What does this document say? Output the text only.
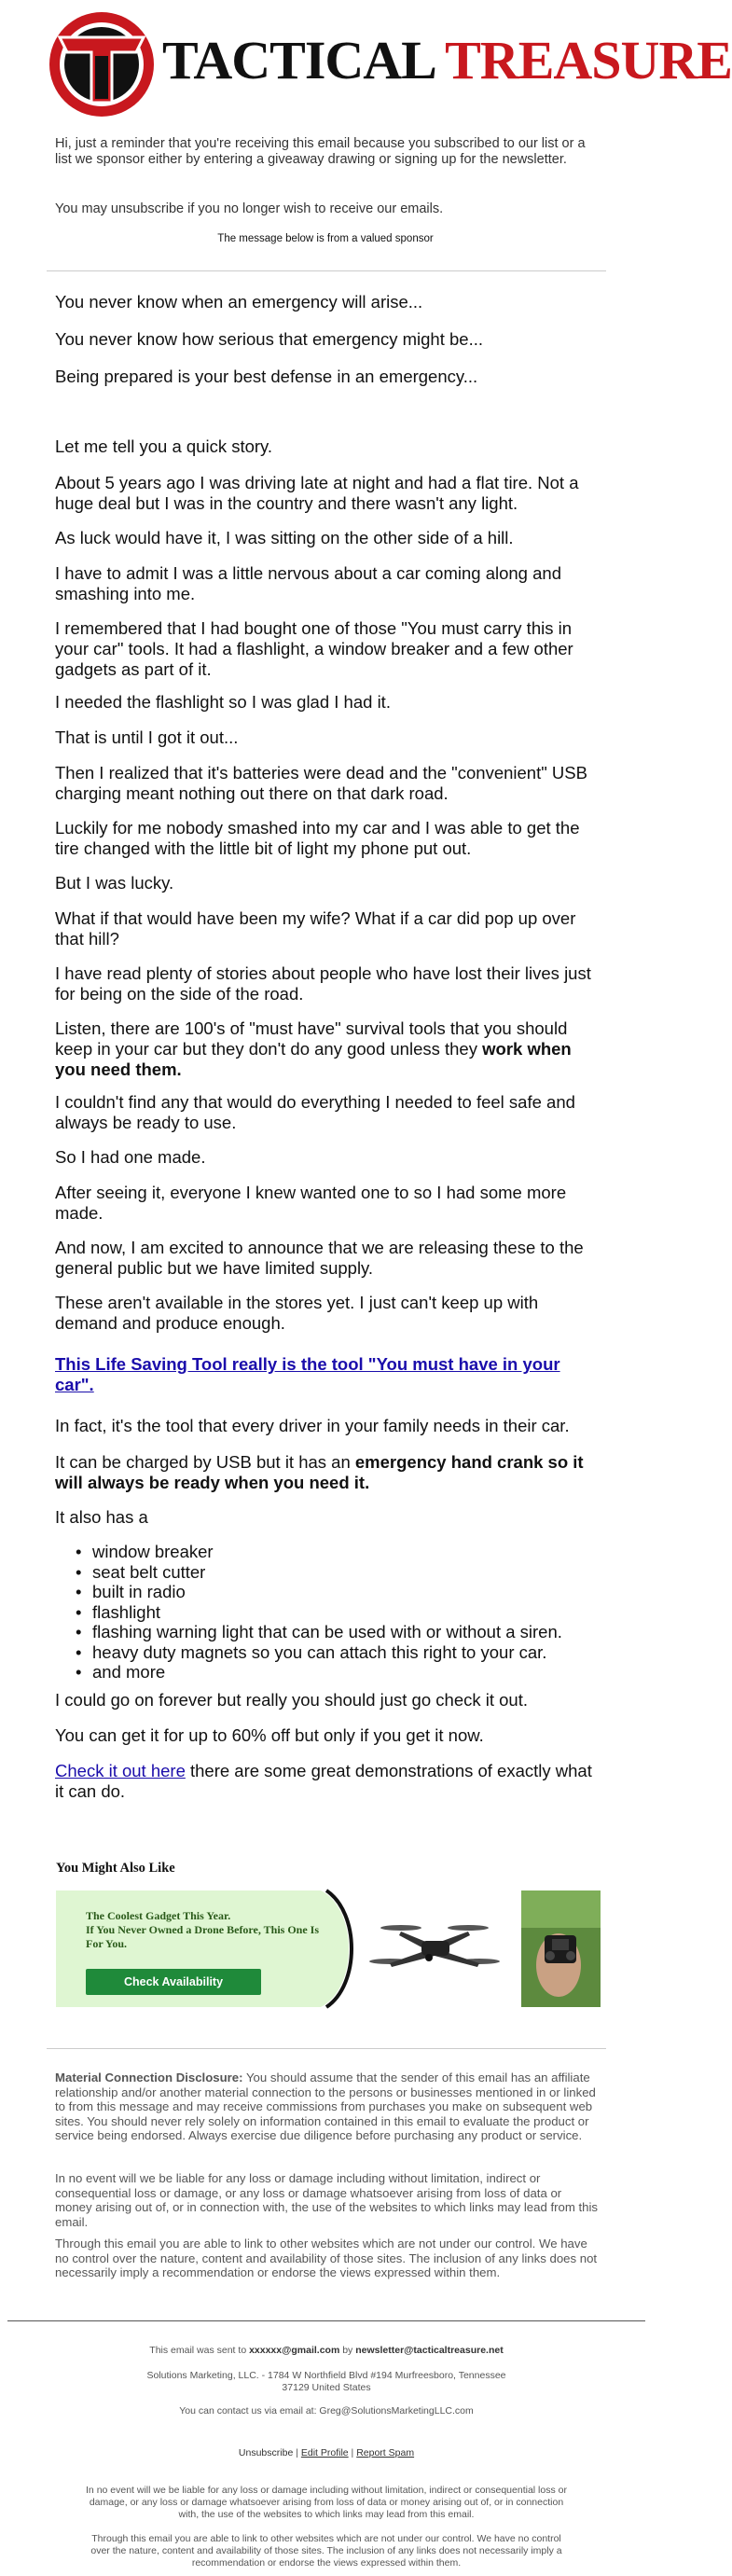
TACTICAL TREASURE

Hi, just a reminder that you're receiving this email because you subscribed to our list or a list we sponsor either by entering a giveaway drawing or signing up for the newsletter.

You may unsubscribe if you no longer wish to receive our emails.

The message below is from a valued sponsor

You never know when an emergency will arise...

You never know how serious that emergency might be...

Being prepared is your best defense in an emergency...

Let me tell you a quick story.

About 5 years ago I was driving late at night and had a flat tire. Not a huge deal but I was in the country and there wasn't any light.

As luck would have it, I was sitting on the other side of a hill.

I have to admit I was a little nervous about a car coming along and smashing into me.

I remembered that I had bought one of those "You must carry this in your car" tools. It had a flashlight, a window breaker and a few other gadgets as part of it.

I needed the flashlight so I was glad I had it.

That is until I got it out...

Then I realized that it's batteries were dead and the "convenient" USB charging meant nothing out there on that dark road.

Luckily for me nobody smashed into my car and I was able to get the tire changed with the little bit of light my phone put out.

But I was lucky.

What if that would have been my wife? What if a car did pop up over that hill?

I have read plenty of stories about people who have lost their lives just for being on the side of the road.

Listen, there are 100's of "must have" survival tools that you should keep in your car but they don't do any good unless they work when you need them.

I couldn't find any that would do everything I needed to feel safe and always be ready to use.

So I had one made.

After seeing it, everyone I knew wanted one to so I had some more made.

And now, I am excited to announce that we are releasing these to the general public but we have limited supply.

These aren't available in the stores yet. I just can't keep up with demand and produce enough.

This Life Saving Tool really is the tool "You must have in your car".

In fact, it's the tool that every driver in your family needs in their car.

It can be charged by USB but it has an emergency hand crank so it will always be ready when you need it.

It also has a

• window breaker
• seat belt cutter
• built in radio
• flashlight
• flashing warning light that can be used with or without a siren.
• heavy duty magnets so you can attach this right to your car.
• and more

I could go on forever but really you should just go check it out.

You can get it for up to 60% off but only if you get it now.

Check it out here there are some great demonstrations of exactly what it can do.

You Might Also Like
The Coolest Gadget This Year.
If You Never Owned a Drone Before, This One Is For You.
Check Availability

Material Connection Disclosure: You should assume that the sender of this email has an affiliate relationship and/or another material connection to the persons or businesses mentioned in or linked to from this message and may receive commissions from purchases you make on subsequent web sites. You should never rely solely on information contained in this email to evaluate the product or service being endorsed. Always exercise due diligence before purchasing any product or service.

In no event will we be liable for any loss or damage including without limitation, indirect or consequential loss or damage, or any loss or damage whatsoever arising from loss of data or money arising out of, or in connection with, the use of the websites to which links may lead from this email.

Through this email you are able to link to other websites which are not under our control. We have no control over the nature, content and availability of those sites. The inclusion of any links does not necessarily imply a recommendation or endorse the views expressed within them.

This email was sent to xxxxxx@gmail.com by newsletter@tacticaltreasure.net

Solutions Marketing, LLC. - 1784 W Northfield Blvd #194 Murfreesboro, Tennessee

37129 United States

You can contact us via email at: Greg@SolutionsMarketingLLC.com

Unsubscribe | Edit Profile | Report Spam

In no event will we be liable for any loss or damage including without limitation, indirect or consequential loss or damage, or any loss or damage whatsoever arising from loss of data or money arising out of, or in connection with, the use of the websites to which links may lead from this email.

Through this email you are able to link to other websites which are not under our control. We have no control over the nature, content and availability of those sites. The inclusion of any links does not necessarily imply a recommendation or endorse the views expressed within them.
